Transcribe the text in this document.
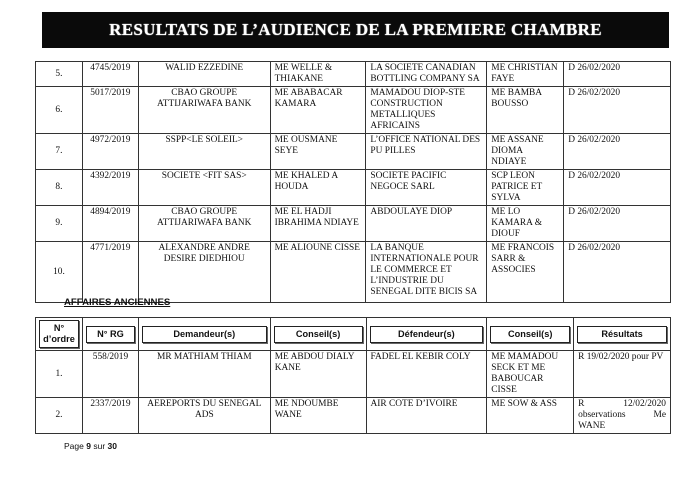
RESULTATS DE L’AUDIENCE DE LA PREMIERE CHAMBRE
5.	4745/2019	WALID EZZEDINE	ME WELLE & THIAKANE	LA SOCIETE CANADIAN BOTTLING COMPANY SA	ME CHRISTIAN FAYE	D 26/02/2020
6.	5017/2019	CBAO GROUPE ATTIJARIWAFA BANK	ME ABABACAR KAMARA	MAMADOU DIOP-STE CONSTRUCTION METALLIQUES AFRICAINS	ME BAMBA BOUSSO	D 26/02/2020
7.	4972/2019	SSPP<LE SOLEIL>	ME OUSMANE SEYE	L’OFFICE NATIONAL DES PU PILLES	ME ASSANE DIOMA NDIAYE	D 26/02/2020
8.	4392/2019	SOCIETE <FIT SAS>	ME KHALED A HOUDA	SOCIETE PACIFIC NEGOCE SARL	SCP LEON PATRICE ET SYLVA	D 26/02/2020
9.	4894/2019	CBAO GROUPE ATTIJARIWAFA BANK	ME EL HADJI IBRAHIMA NDIAYE	ABDOULAYE DIOP	ME LO KAMARA & DIOUF	D 26/02/2020
10.	4771/2019	ALEXANDRE ANDRE DESIRE DIEDHIOU	ME ALIOUNE CISSE	LA BANQUE INTERNATIONALE POUR LE COMMERCE ET L’INDUSTRIE DU SENEGAL DITE BICIS SA	ME FRANCOIS SARR & ASSOCIES	D 26/02/2020
AFFAIRES ANCIENNES
N° d’ordre	N° RG	Demandeur(s)	Conseil(s)	Défendeur(s)	Conseil(s)	Résultats

1.	558/2019	MR MATHIAM THIAM	ME ABDOU DIALY KANE	FADEL EL KEBIR COLY	ME MAMADOU SECK ET ME BABOUCAR CISSE	R 19/02/2020 pour PV
2.	2337/2019	AEREPORTS DU SENEGAL ADS	ME NDOUMBE WANE	AIR COTE D’IVOIRE	ME SOW & ASS	R 12/02/2020 observations Me WANE
Page 9 sur 30
